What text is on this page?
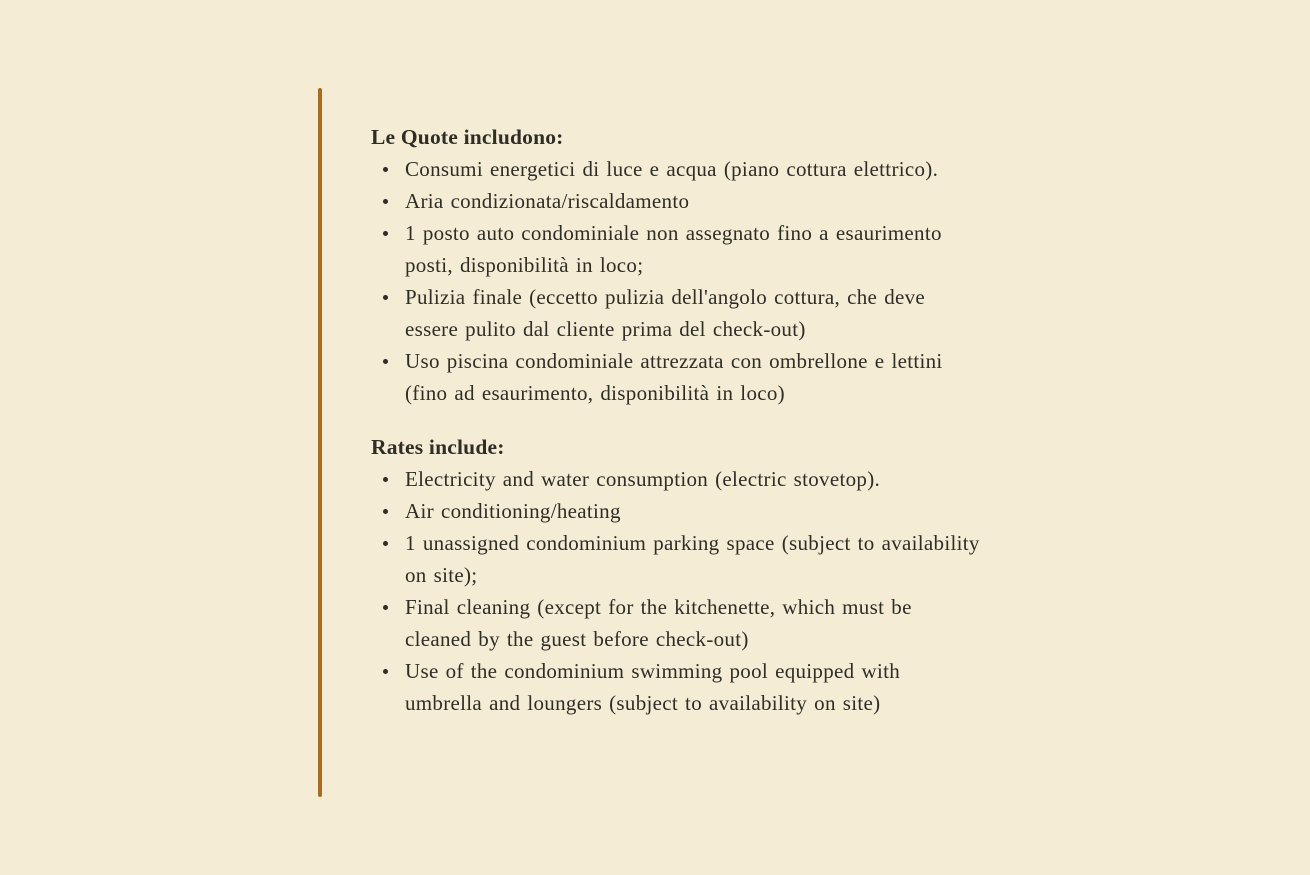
Le Quote includono:
Consumi energetici di luce e acqua (piano cottura elettrico).
Aria condizionata/riscaldamento
1 posto auto condominiale non assegnato fino a esaurimento posti, disponibilità in loco;
Pulizia finale (eccetto pulizia dell'angolo cottura, che deve essere pulito dal cliente prima del check-out)
Uso piscina condominiale attrezzata con ombrellone e lettini (fino ad esaurimento, disponibilità in loco)
Rates include:
Electricity and water consumption (electric stovetop).
Air conditioning/heating
1 unassigned condominium parking space (subject to availability on site);
Final cleaning (except for the kitchenette, which must be cleaned by the guest before check-out)
Use of the condominium swimming pool equipped with umbrella and loungers (subject to availability on site)
